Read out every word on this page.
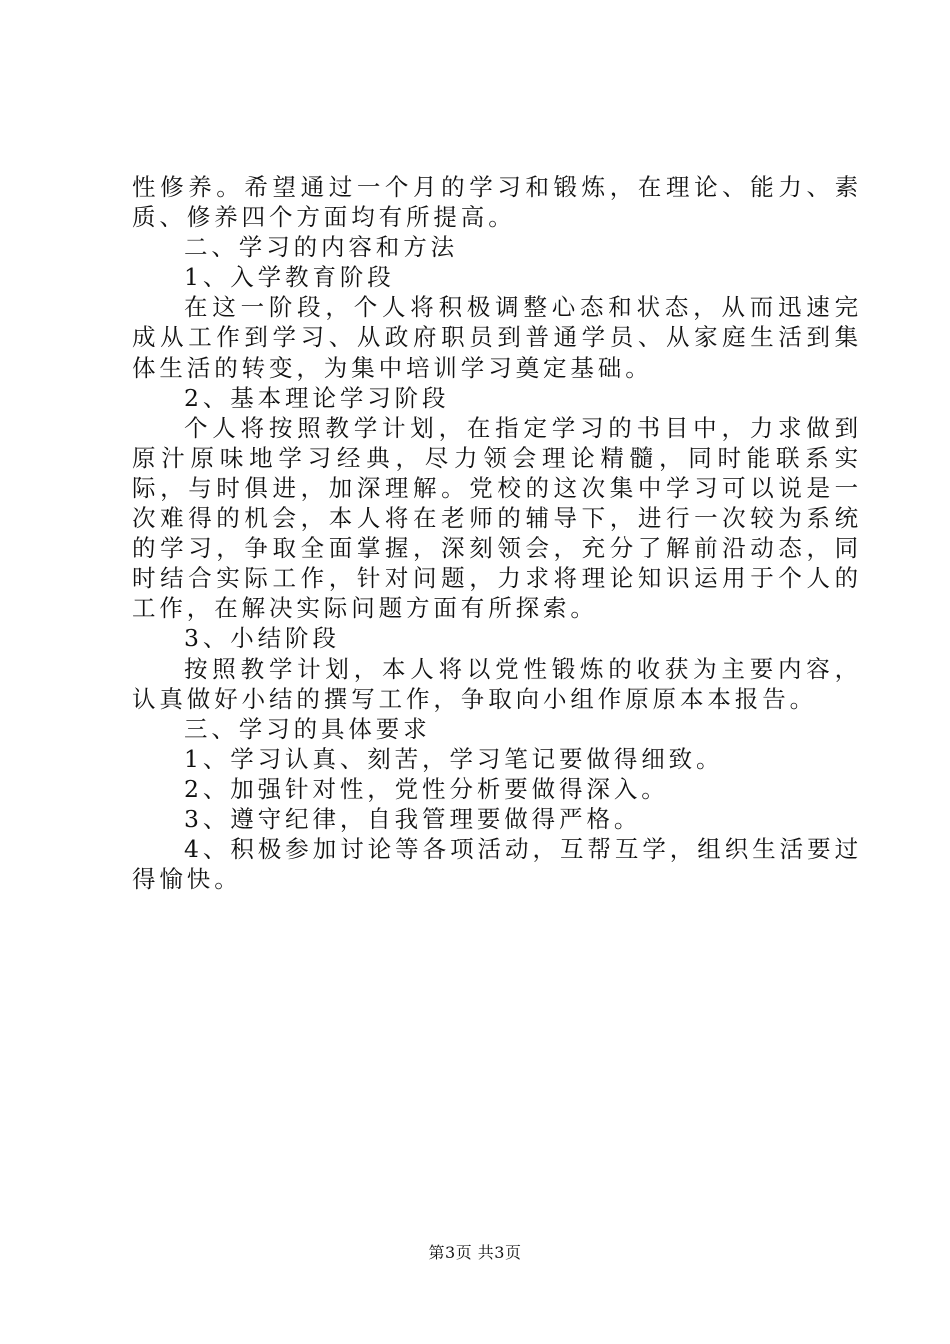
性修养。希望通过一个月的学习和锻炼，在理论、能力、素质、修养四个方面均有所提高。

二、学习的内容和方法

1、入学教育阶段

在这一阶段，个人将积极调整心态和状态，从而迅速完成从工作到学习、从政府职员到普通学员、从家庭生活到集体生活的转变，为集中培训学习奠定基础。

2、基本理论学习阶段

个人将按照教学计划，在指定学习的书目中，力求做到原汁原味地学习经典，尽力领会理论精髓，同时能联系实际，与时俱进，加深理解。党校的这次集中学习可以说是一次难得的机会，本人将在老师的辅导下，进行一次较为系统的学习，争取全面掌握，深刻领会，充分了解前沿动态，同时结合实际工作，针对问题，力求将理论知识运用于个人的工作，在解决实际问题方面有所探索。

3、小结阶段

按照教学计划，本人将以党性锻炼的收获为主要内容，认真做好小结的撰写工作，争取向小组作原原本本报告。

三、学习的具体要求

1、学习认真、刻苦，学习笔记要做得细致。

2、加强针对性，党性分析要做得深入。

3、遵守纪律，自我管理要做得严格。

4、积极参加讨论等各项活动，互帮互学，组织生活要过得愉快。

第3页 共3页
